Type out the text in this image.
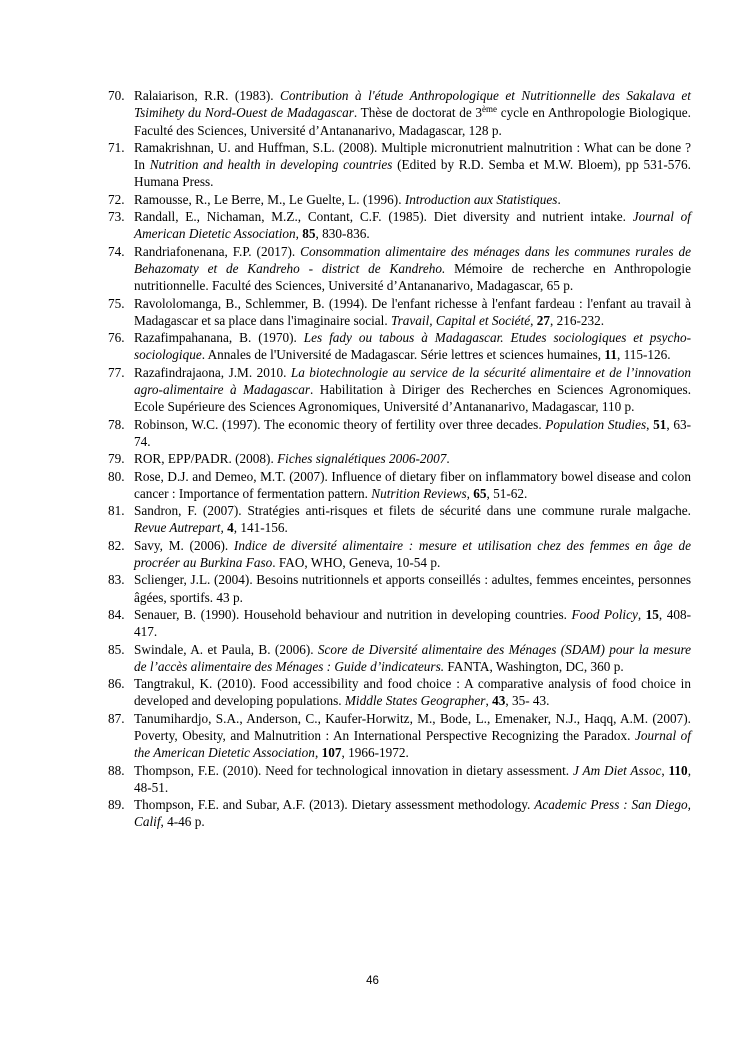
70. Ralaiarison, R.R. (1983). Contribution à l'étude Anthropologique et Nutritionnelle des Sakalava et Tsimihety du Nord-Ouest de Madagascar. Thèse de doctorat de 3ème cycle en Anthropologie Biologique. Faculté des Sciences, Université d’Antananarivo, Madagascar, 128 p.
71. Ramakrishnan, U. and Huffman, S.L. (2008). Multiple micronutrient malnutrition : What can be done ? In Nutrition and health in developing countries (Edited by R.D. Semba et M.W. Bloem), pp 531-576. Humana Press.
72. Ramousse, R., Le Berre, M., Le Guelte, L. (1996). Introduction aux Statistiques.
73. Randall, E., Nichaman, M.Z., Contant, C.F. (1985). Diet diversity and nutrient intake. Journal of American Dietetic Association, 85, 830-836.
74. Randriafonenana, F.P. (2017). Consommation alimentaire des ménages dans les communes rurales de Behazomaty et de Kandreho - district de Kandreho. Mémoire de recherche en Anthropologie nutritionnelle. Faculté des Sciences, Université d’Antananarivo, Madagascar, 65 p.
75. Ravololomanga, B., Schlemmer, B. (1994). De l'enfant richesse à l'enfant fardeau : l'enfant au travail à Madagascar et sa place dans l'imaginaire social. Travail, Capital et Société, 27, 216-232.
76. Razafimpahanana, B. (1970). Les fady ou tabous à Madagascar. Etudes sociologiques et psycho-sociologique. Annales de l'Université de Madagascar. Série lettres et sciences humaines, 11, 115-126.
77. Razafindrajaona, J.M. 2010. La biotechnologie au service de la sécurité alimentaire et de l’innovation agro-alimentaire à Madagascar. Habilitation à Diriger des Recherches en Sciences Agronomiques. Ecole Supérieure des Sciences Agronomiques, Université d’Antananarivo, Madagascar, 110 p.
78. Robinson, W.C. (1997). The economic theory of fertility over three decades. Population Studies, 51, 63-74.
79. ROR, EPP/PADR. (2008). Fiches signalétiques 2006-2007.
80. Rose, D.J. and Demeo, M.T. (2007). Influence of dietary fiber on inflammatory bowel disease and colon cancer : Importance of fermentation pattern. Nutrition Reviews, 65, 51-62.
81. Sandron, F. (2007). Stratégies anti-risques et filets de sécurité dans une commune rurale malgache. Revue Autrepart, 4, 141-156.
82. Savy, M. (2006). Indice de diversité alimentaire : mesure et utilisation chez des femmes en âge de procréer au Burkina Faso. FAO, WHO, Geneva, 10-54 p.
83. Sclienger, J.L. (2004). Besoins nutritionnels et apports conseillés : adultes, femmes enceintes, personnes âgées, sportifs. 43 p.
84. Senauer, B. (1990). Household behaviour and nutrition in developing countries. Food Policy, 15, 408-417.
85. Swindale, A. et Paula, B. (2006). Score de Diversité alimentaire des Ménages (SDAM) pour la mesure de l’accès alimentaire des Ménages : Guide d’indicateurs. FANTA, Washington, DC, 360 p.
86. Tangtrakul, K. (2010). Food accessibility and food choice : A comparative analysis of food choice in developed and developing populations. Middle States Geographer, 43, 35- 43.
87. Tanumihardjo, S.A., Anderson, C., Kaufer-Horwitz, M., Bode, L., Emenaker, N.J., Haqq, A.M. (2007). Poverty, Obesity, and Malnutrition : An International Perspective Recognizing the Paradox. Journal of the American Dietetic Association, 107, 1966-1972.
88. Thompson, F.E. (2010). Need for technological innovation in dietary assessment. J Am Diet Assoc, 110, 48-51.
89. Thompson, F.E. and Subar, A.F. (2013). Dietary assessment methodology. Academic Press : San Diego, Calif, 4-46 p.
46
